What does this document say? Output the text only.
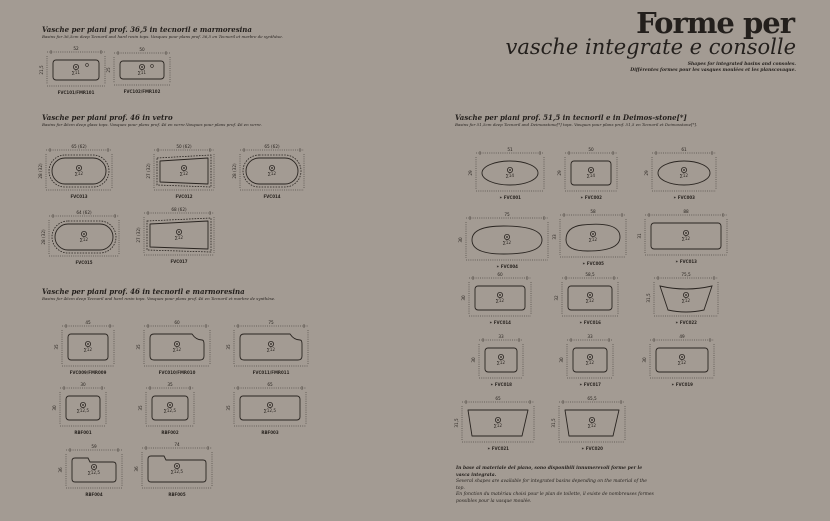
Forme per
vasche integrate e consolle
Shapes for integrated basins and consoles.
Différentes formes pour les vasques moulées et les planscovaque.
Vasche per piani prof. 36,5 in tecnoril e marmoresina
Basins for 36,5cm deep Tecnoril and hard resin tops. Vasques pour plans prof. 36,5 en Tecnoril et marbre de synthèse.
Vasche per piani prof. 46 in vetro
Basins for 46cm deep glass tops. Vasques pour plans prof. 46 en verre.Vasques pour plans prof. 46 en verre.
Vasche per piani prof. 46 in tecnoril e marmoresina
Basins for 46cm deep Tecnoril and hard resin tops. Vasques pour plans prof. 46 en Tecnoril et marbre de synthèse.
Vasche per piani prof. 51,5 in tecnoril e in Deimos-stone[*]
Basins for 51,5cm deep Tecnoril and Deimosstone[*] tops. Vasques pour plans prof. 51,5 en Tecnoril et Deimosstone[*].
In base al materiale del piano, sono disponibili innumerevoli forme per le vasca integrata.
Several shapes are available for integrated basins depending on the material of the top.
En fonction du matériau choisi pour le plan de toilette, il existe de nombreuses formes possibles pour la vasque moulée.
52
21,5	∑11
FVC101/FMR101
50
25	∑11
FVC102/FMR102
65 (62)
28 (32)	∑12
FVC013
50 (62)
27 (32)	∑12
FVC012
65 (62)
28 (32)	∑12
FVC014
64 (62)
28 (32)	∑12
FVC015
68 (62)
27 (32)	∑12
FVC017
45
35	∑12
FVC009/FMR009
60
35	∑12
FVC010/FMR010
75
35	∑12
FVC011/FMR011
30
30	∑12,5
RBF001
35
35	∑12,5
RBF002
65
35	∑12,5
RBF003
59
36	∑12,5
RBF004
74
36	∑12,5
RBF005
51
29	∑14
✶ FVC001
50
29	∑14
✶ FVC002
61
29	∑12
✶ FVC003
75
30	∑12
✶ FVC004
58
33	∑12
✶ FVC005
88
31	∑12
✶ FVC013
60
30	∑12
✶ FVC014
58,5
32	∑12
✶ FVC016
75,5
31,5	∑12
✶ FVC022
33
30	∑12
✶ FVC018
33
30	∑12
✶ FVC017
49
30	∑12
✶ FVC019
65
31,5	∑12
✶ FVC021
65,5
31,5	∑12
✶ FVC020
